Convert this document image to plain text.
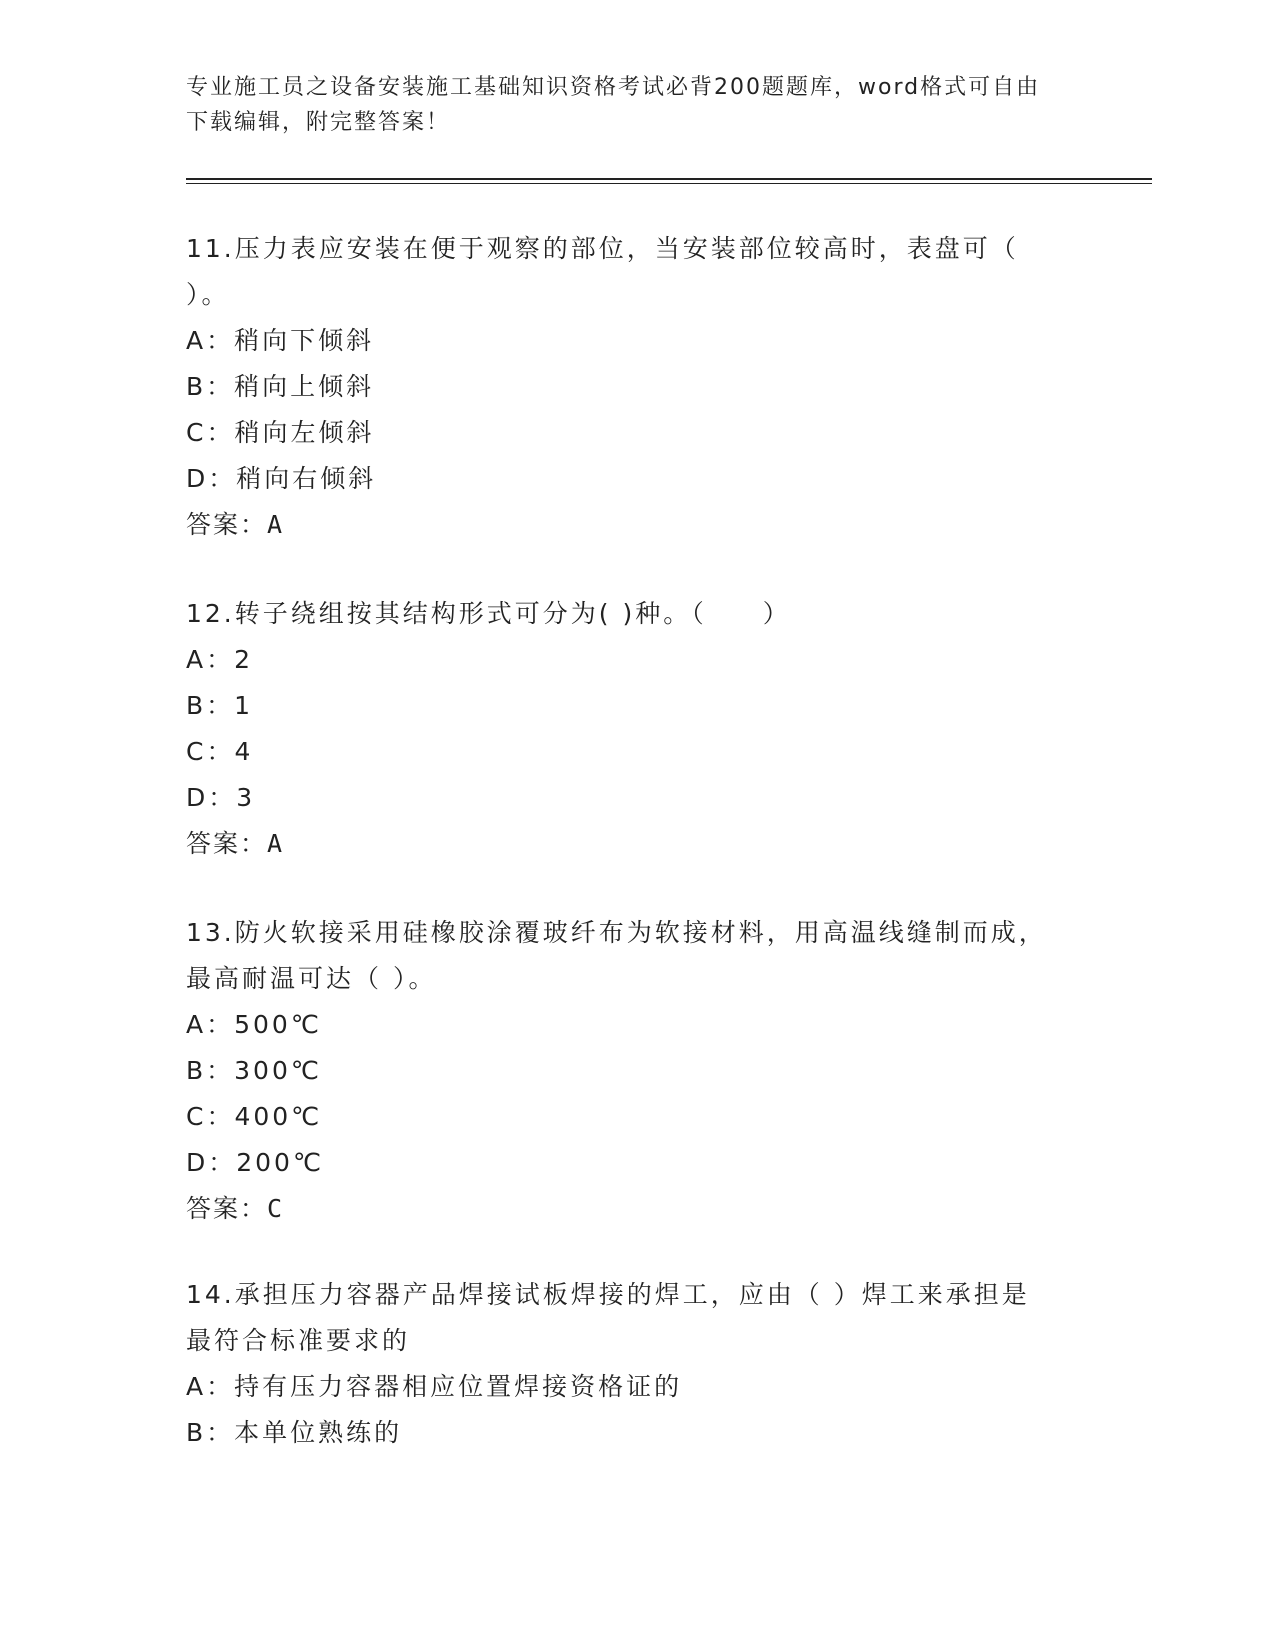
专业施工员之设备安装施工基础知识资格考试必背200题题库，word格式可自由
下载编辑，附完整答案！
11.压力表应安装在便于观察的部位，当安装部位较高时，表盘可（
）。
A：稍向下倾斜
B：稍向上倾斜
C：稍向左倾斜
D：稍向右倾斜
答案：A
12.转子绕组按其结构形式可分为( )种。（　　）
A：2
B：1
C：4
D：3
答案：A
13.防火软接采用硅橡胶涂覆玻纤布为软接材料，用高温线缝制而成，
最高耐温可达（ ）。
A：500℃
B：300℃
C：400℃
D：200℃
答案：C
14.承担压力容器产品焊接试板焊接的焊工，应由（ ）焊工来承担是
最符合标准要求的
A：持有压力容器相应位置焊接资格证的
B：本单位熟练的
